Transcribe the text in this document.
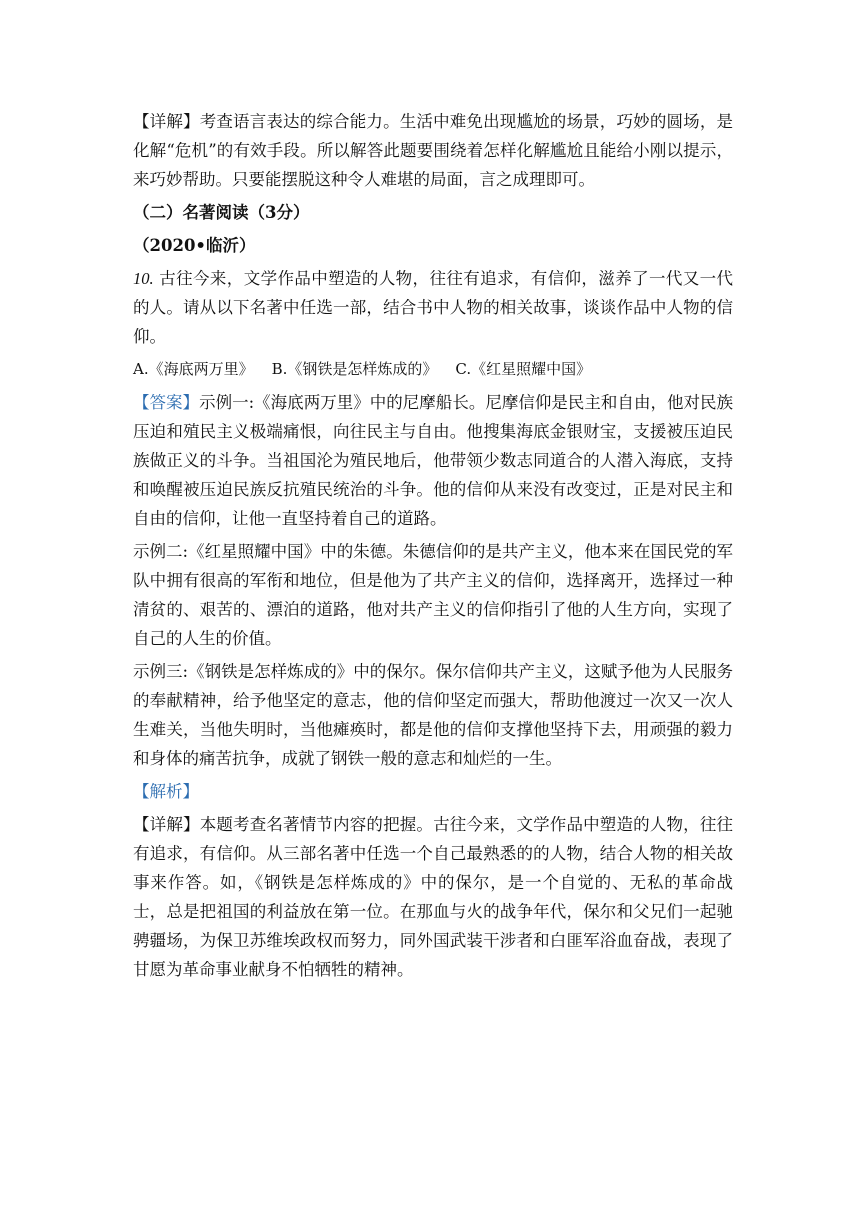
【详解】考查语言表达的综合能力。生活中难免出现尴尬的场景，巧妙的圆场，是化解“危机”的有效手段。所以解答此题要围绕着怎样化解尴尬且能给小刚以提示，来巧妙帮助。只要能摆脱这种令人难堪的局面，言之成理即可。

（二）名著阅读（3分）

（2020•临沂）

10. 古往今来，文学作品中塑造的人物，往往有追求，有信仰，滋养了一代又一代的人。请从以下名著中任选一部，结合书中人物的相关故事，谈谈作品中人物的信仰。

A.《海底两万里》 B.《钢铁是怎样炼成的》 C.《红星照耀中国》

【答案】示例一:《海底两万里》中的尼摩船长。尼摩信仰是民主和自由，他对民族压迫和殖民主义极端痛恨，向往民主与自由。他搜集海底金银财宝，支援被压迫民族做正义的斗争。当祖国沦为殖民地后，他带领少数志同道合的人潜入海底，支持和唤醒被压迫民族反抗殖民统治的斗争。他的信仰从来没有改变过，正是对民主和自由的信仰，让他一直坚持着自己的道路。

示例二:《红星照耀中国》中的朱德。朱德信仰的是共产主义，他本来在国民党的军队中拥有很高的军衔和地位，但是他为了共产主义的信仰，选择离开，选择过一种清贫的、艰苦的、漂泊的道路，他对共产主义的信仰指引了他的人生方向，实现了自己的人生的价值。

示例三:《钢铁是怎样炼成的》中的保尔。保尔信仰共产主义，这赋予他为人民服务的奉献精神，给予他坚定的意志，他的信仰坚定而强大，帮助他渡过一次又一次人生难关，当他失明时，当他瘫痪时，都是他的信仰支撑他坚持下去，用顽强的毅力和身体的痛苦抗争，成就了钢铁一般的意志和灿烂的一生。

【解析】

【详解】本题考查名著情节内容的把握。古往今来，文学作品中塑造的人物，往往有追求，有信仰。从三部名著中任选一个自己最熟悉的的人物，结合人物的相关故事来作答。如，《钢铁是怎样炼成的》中的保尔，是一个自觉的、无私的革命战士，总是把祖国的利益放在第一位。在那血与火的战争年代，保尔和父兄们一起驰骋疆场，为保卫苏维埃政权而努力，同外国武装干涉者和白匪军浴血奋战，表现了甘愿为革命事业献身不怕牺牲的精神。
